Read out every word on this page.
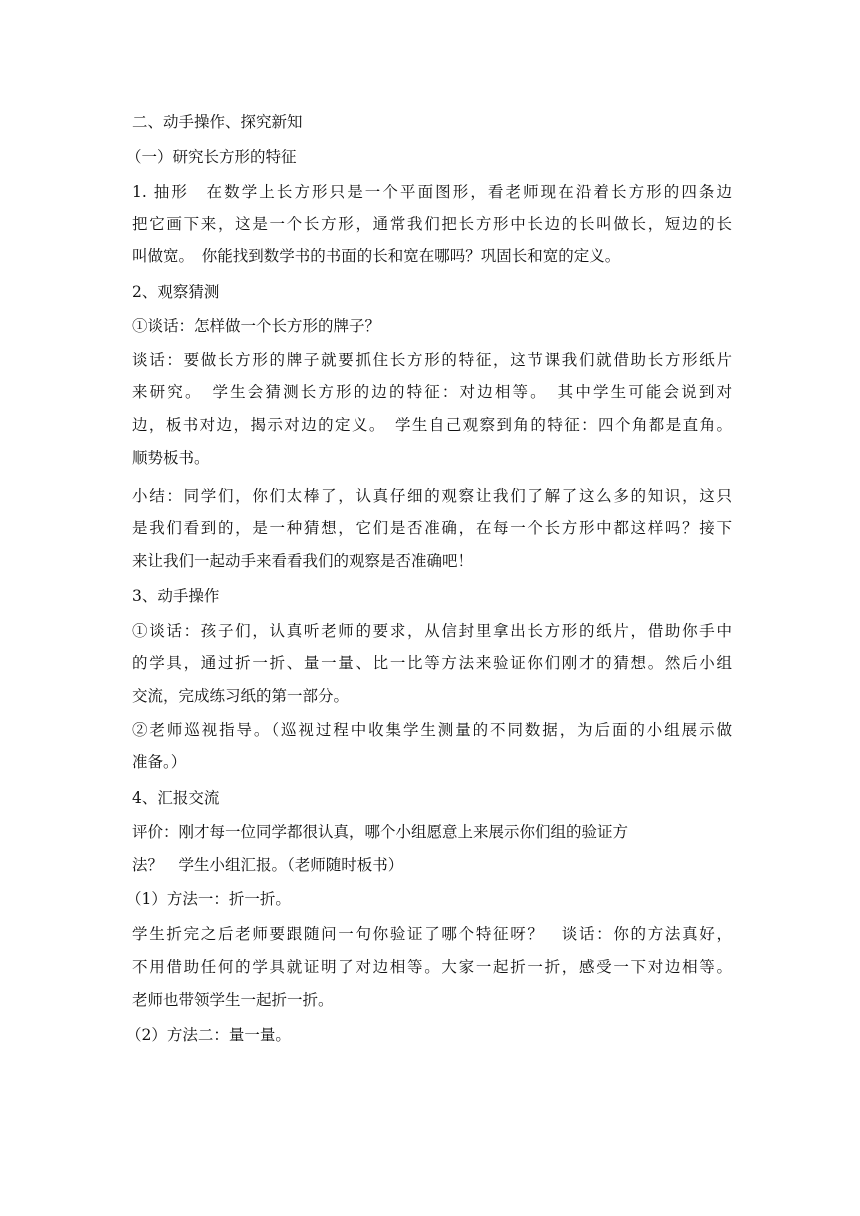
二、动手操作、探究新知
（一）研究长方形的特征
1. 抽形　在数学上长方形只是一个平面图形，看老师现在沿着长方形的四条边
把它画下来，这是一个长方形，通常我们把长方形中长边的长叫做长，短边的长
叫做宽。　你能找到数学书的书面的长和宽在哪吗？巩固长和宽的定义。
2、观察猜测
①谈话：怎样做一个长方形的牌子？
谈话：要做长方形的牌子就要抓住长方形的特征，这节课我们就借助长方形纸片
来研究。　学生会猜测长方形的边的特征：对边相等。　其中学生可能会说到对
边，板书对边，揭示对边的定义。　学生自己观察到角的特征：四个角都是直角。
顺势板书。
小结：同学们，你们太棒了，认真仔细的观察让我们了解了这么多的知识，这只
是我们看到的，是一种猜想，它们是否准确，在每一个长方形中都这样吗？接下
来让我们一起动手来看看我们的观察是否准确吧！
3、动手操作
①谈话：孩子们，认真听老师的要求，从信封里拿出长方形的纸片，借助你手中
的学具，通过折一折、量一量、比一比等方法来验证你们刚才的猜想。然后小组
交流，完成练习纸的第一部分。
②老师巡视指导。（巡视过程中收集学生测量的不同数据，为后面的小组展示做
准备。）
4、汇报交流
评价：刚才每一位同学都很认真，哪个小组愿意上来展示你们组的验证方
法？　学生小组汇报。（老师随时板书）
（1）方法一：折一折。
学生折完之后老师要跟随问一句你验证了哪个特征呀？　谈话：你的方法真好，
不用借助任何的学具就证明了对边相等。大家一起折一折，感受一下对边相等。
老师也带领学生一起折一折。
（2）方法二：量一量。
